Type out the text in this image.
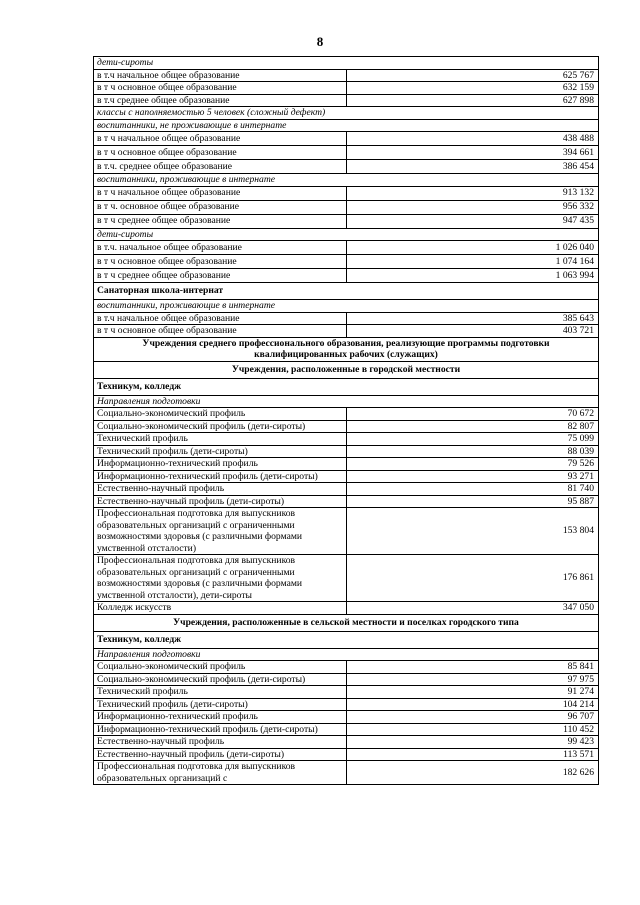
8
дети-сироты	
в т.ч начальное общее образование	625 767
в т ч основное общее образование	632 159
в т.ч среднее общее образование	627 898
классы с наполняемостью 5 человек (сложный дефект)	
воспитанники, не проживающие в интернате	
в т ч начальное общее образование	438 488
в т ч основное общее образование	394 661
в т.ч. среднее общее образование	386 454
воспитанники, проживающие в интернате	
в т ч начальное общее образование	913 132
в т ч. основное общее образование	956 332
в т ч среднее общее образование	947 435
дети-сироты	
в т.ч. начальное общее образование	1 026 040
в т ч основное общее образование	1 074 164
в т ч среднее общее образование	1 063 994
Санаторная школа-интернат	
воспитанники, проживающие в интернате	
в т.ч начальное общее образование	385 643
в т ч основное общее образование	403 721
Учреждения среднего профессионального образования, реализующие программы подготовки квалифицированных рабочих (служащих)	
Учреждения, расположенные в городской местности	
Техникум, колледж	
Направления подготовки	
Социально-экономический профиль	70 672
Социально-экономический профиль (дети-сироты)	82 807
Технический профиль	75 099
Технический профиль (дети-сироты)	88 039
Информационно-технический профиль	79 526
Информационно-технический профиль (дети-сироты)	93 271
Естественно-научный профиль	81 740
Естественно-научный профиль (дети-сироты)	95 887
Профессиональная подготовка для выпускников образовательных организаций с ограниченными возможностями здоровья (с различными формами умственной отсталости)	153 804
Профессиональная подготовка для выпускников образовательных организаций с ограниченными возможностями здоровья (с различными формами умственной отсталости), дети-сироты	176 861
Колледж искусств	347 050
Учреждения, расположенные в сельской местности и поселках городского типа	
Техникум, колледж	
Направления подготовки	
Социально-экономический профиль	85 841
Социально-экономический профиль (дети-сироты)	97 975
Технический профиль	91 274
Технический профиль (дети-сироты)	104 214
Информационно-технический профиль	96 707
Информационно-технический профиль (дети-сироты)	110 452
Естественно-научный профиль	99 423
Естественно-научный профиль (дети-сироты)	113 571
Профессиональная подготовка для выпускников образовательных организаций с	182 626
